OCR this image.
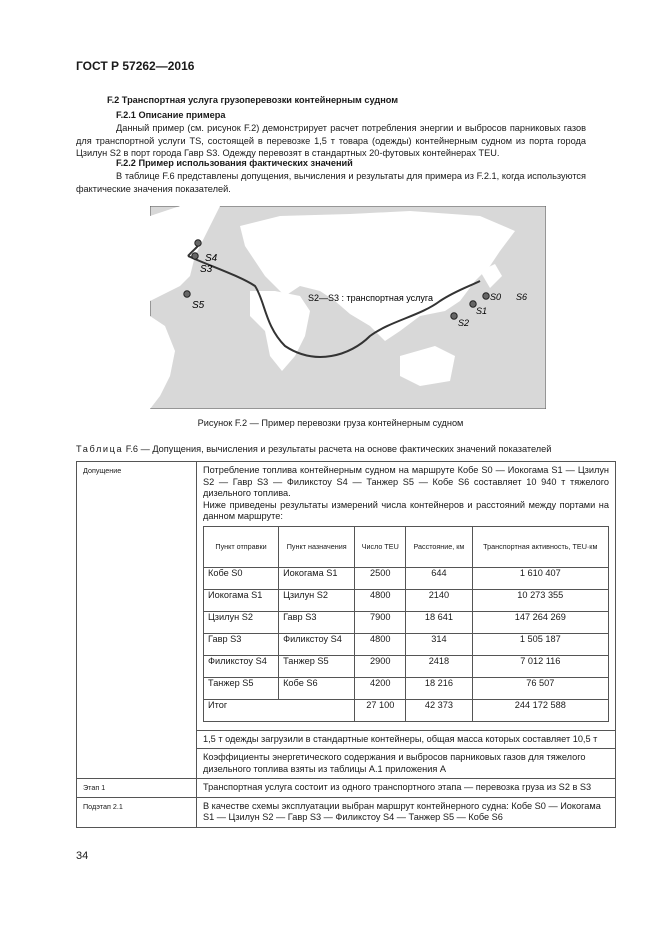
ГОСТ Р 57262—2016
F.2 Транспортная услуга грузоперевозки контейнерным судном
F.2.1 Описание примера
Данный пример (см. рисунок F.2) демонстрирует расчет потребления энергии и выбросов парниковых газов для транспортной услуги TS, состоящей в перевозке 1,5 т товара (одежды) контейнерным судном из порта города Цзилун S2 в порт города Гавр S3. Одежду перевозят в стандартных 20-футовых контейнерах TEU.
F.2.2 Пример использования фактических значений
В таблице F.6 представлены допущения, вычисления и результаты для примера из F.2.1, когда используются фактические значения показателей.
S4
S3
S5
S2—S3 : транспортная услуга	S0 S6
S1
S2
Рисунок F.2 — Пример перевозки груза контейнерным судном
Таблица F.6 — Допущения, вычисления и результаты расчета на основе фактических значений показателей
Допущение	Потребление топлива контейнерным судном на маршруте Кобе S0 — Иокогама S1 — Цзилун S2 — Гавр S3 — Филикстоу S4 — Танжер S5 — Кобе S6 составляет 10 940 т тяжелого дизельного топлива.
Ниже приведены результаты измерений числа контейнеров и расстояний между портами на данном маршруте:
Пункт отправки	Пункт назначения	Число TEU	Расстояние, км	Транспортная активность, TEU·км
Кобе S0	Иокогама S1	2500	644	1 610 407
Иокогама S1	Цзилун S2	4800	2140	10 273 355
Цзилун S2	Гавр S3	7900	18 641	147 264 269
Гавр S3	Филикстоу S4	4800	314	1 505 187
Филикстоу S4	Танжер S5	2900	2418	7 012 116
Танжер S5	Кобе S6	4200	18 216	76 507
Итог	27 100	42 373	244 172 588

1,5 т одежды загрузили в стандартные контейнеры, общая масса которых составляет 10,5 т
Коэффициенты энергетического содержания и выбросов парниковых газов для тяжелого дизельного топлива взяты из таблицы А.1 приложения А
Этап 1	Транспортная услуга состоит из одного транспортного этапа — перевозка груза из S2 в S3
Подэтап 2.1	В качестве схемы эксплуатации выбран маршрут контейнерного судна: Кобе S0 — Иокогама S1 — Цзилун S2 — Гавр S3 — Филикстоу S4 — Танжер S5 — Кобе S6
34
